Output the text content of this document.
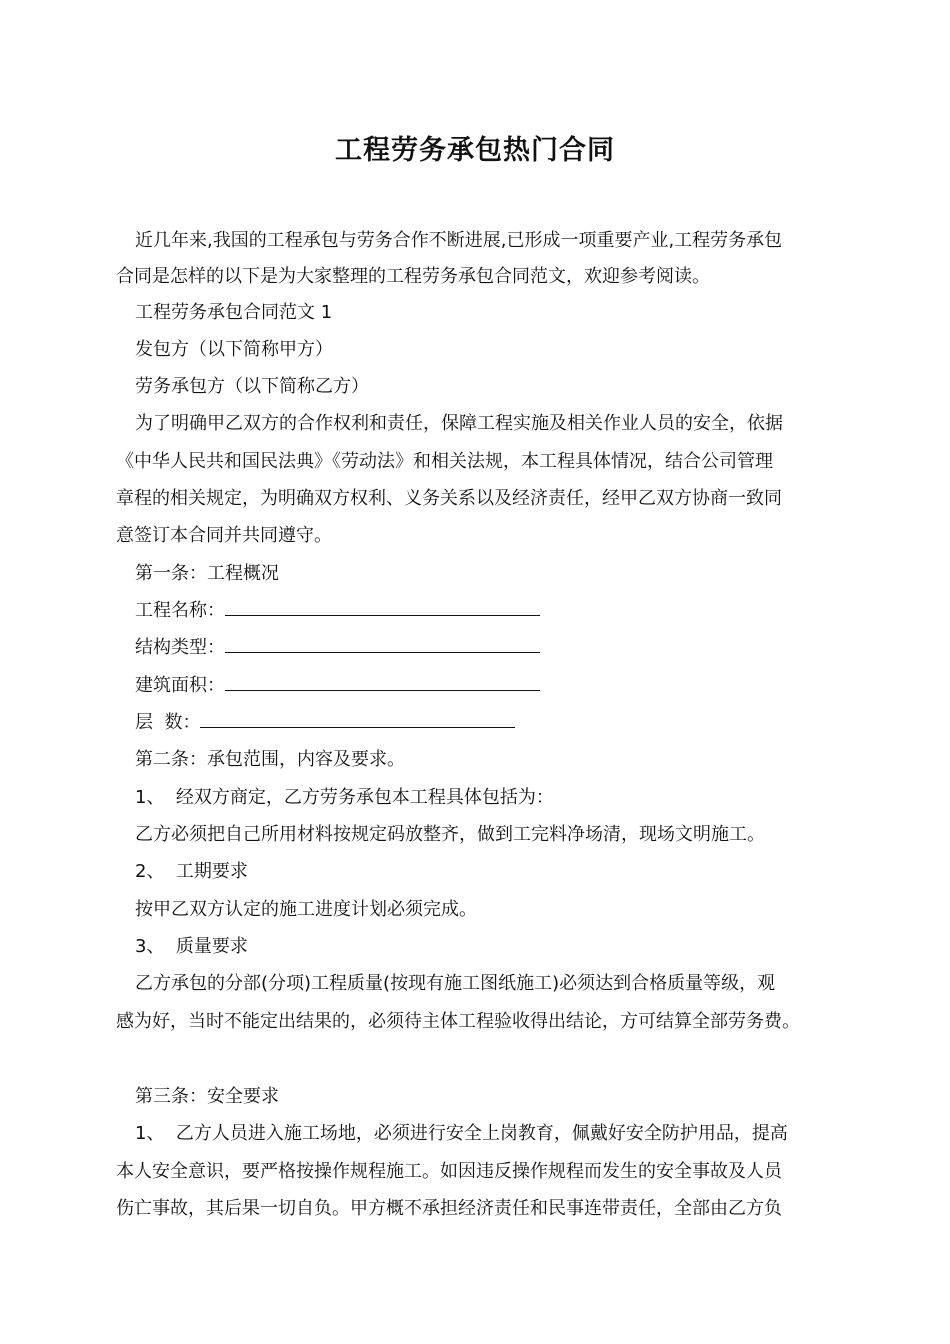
工程劳务承包热门合同
近几年来,我国的工程承包与劳务合作不断进展,已形成一项重要产业,工程劳务承包
合同是怎样的以下是为大家整理的工程劳务承包合同范文，欢迎参考阅读。
工程劳务承包合同范文 1
发包方（以下简称甲方）
劳务承包方（以下简称乙方）
为了明确甲乙双方的合作权利和责任，保障工程实施及相关作业人员的安全，依据
《中华人民共和国民法典》《劳动法》和相关法规，本工程具体情况，结合公司管理
章程的相关规定，为明确双方权利、义务关系以及经济责任，经甲乙双方协商一致同
意签订本合同并共同遵守。
第一条：工程概况
工程名称：
结构类型：
建筑面积：
层  数：
第二条：承包范围，内容及要求。
1、  经双方商定，乙方劳务承包本工程具体包括为：
乙方必须把自己所用材料按规定码放整齐，做到工完料净场清，现场文明施工。
2、  工期要求
按甲乙双方认定的施工进度计划必须完成。
3、  质量要求
乙方承包的分部(分项)工程质量(按现有施工图纸施工)必须达到合格质量等级，观
感为好，当时不能定出结果的，必须待主体工程验收得出结论，方可结算全部劳务费。
第三条：安全要求
1、  乙方人员进入施工场地，必须进行安全上岗教育，佩戴好安全防护用品，提高
本人安全意识，要严格按操作规程施工。如因违反操作规程而发生的安全事故及人员
伤亡事故，其后果一切自负。甲方概不承担经济责任和民事连带责任，全部由乙方负
